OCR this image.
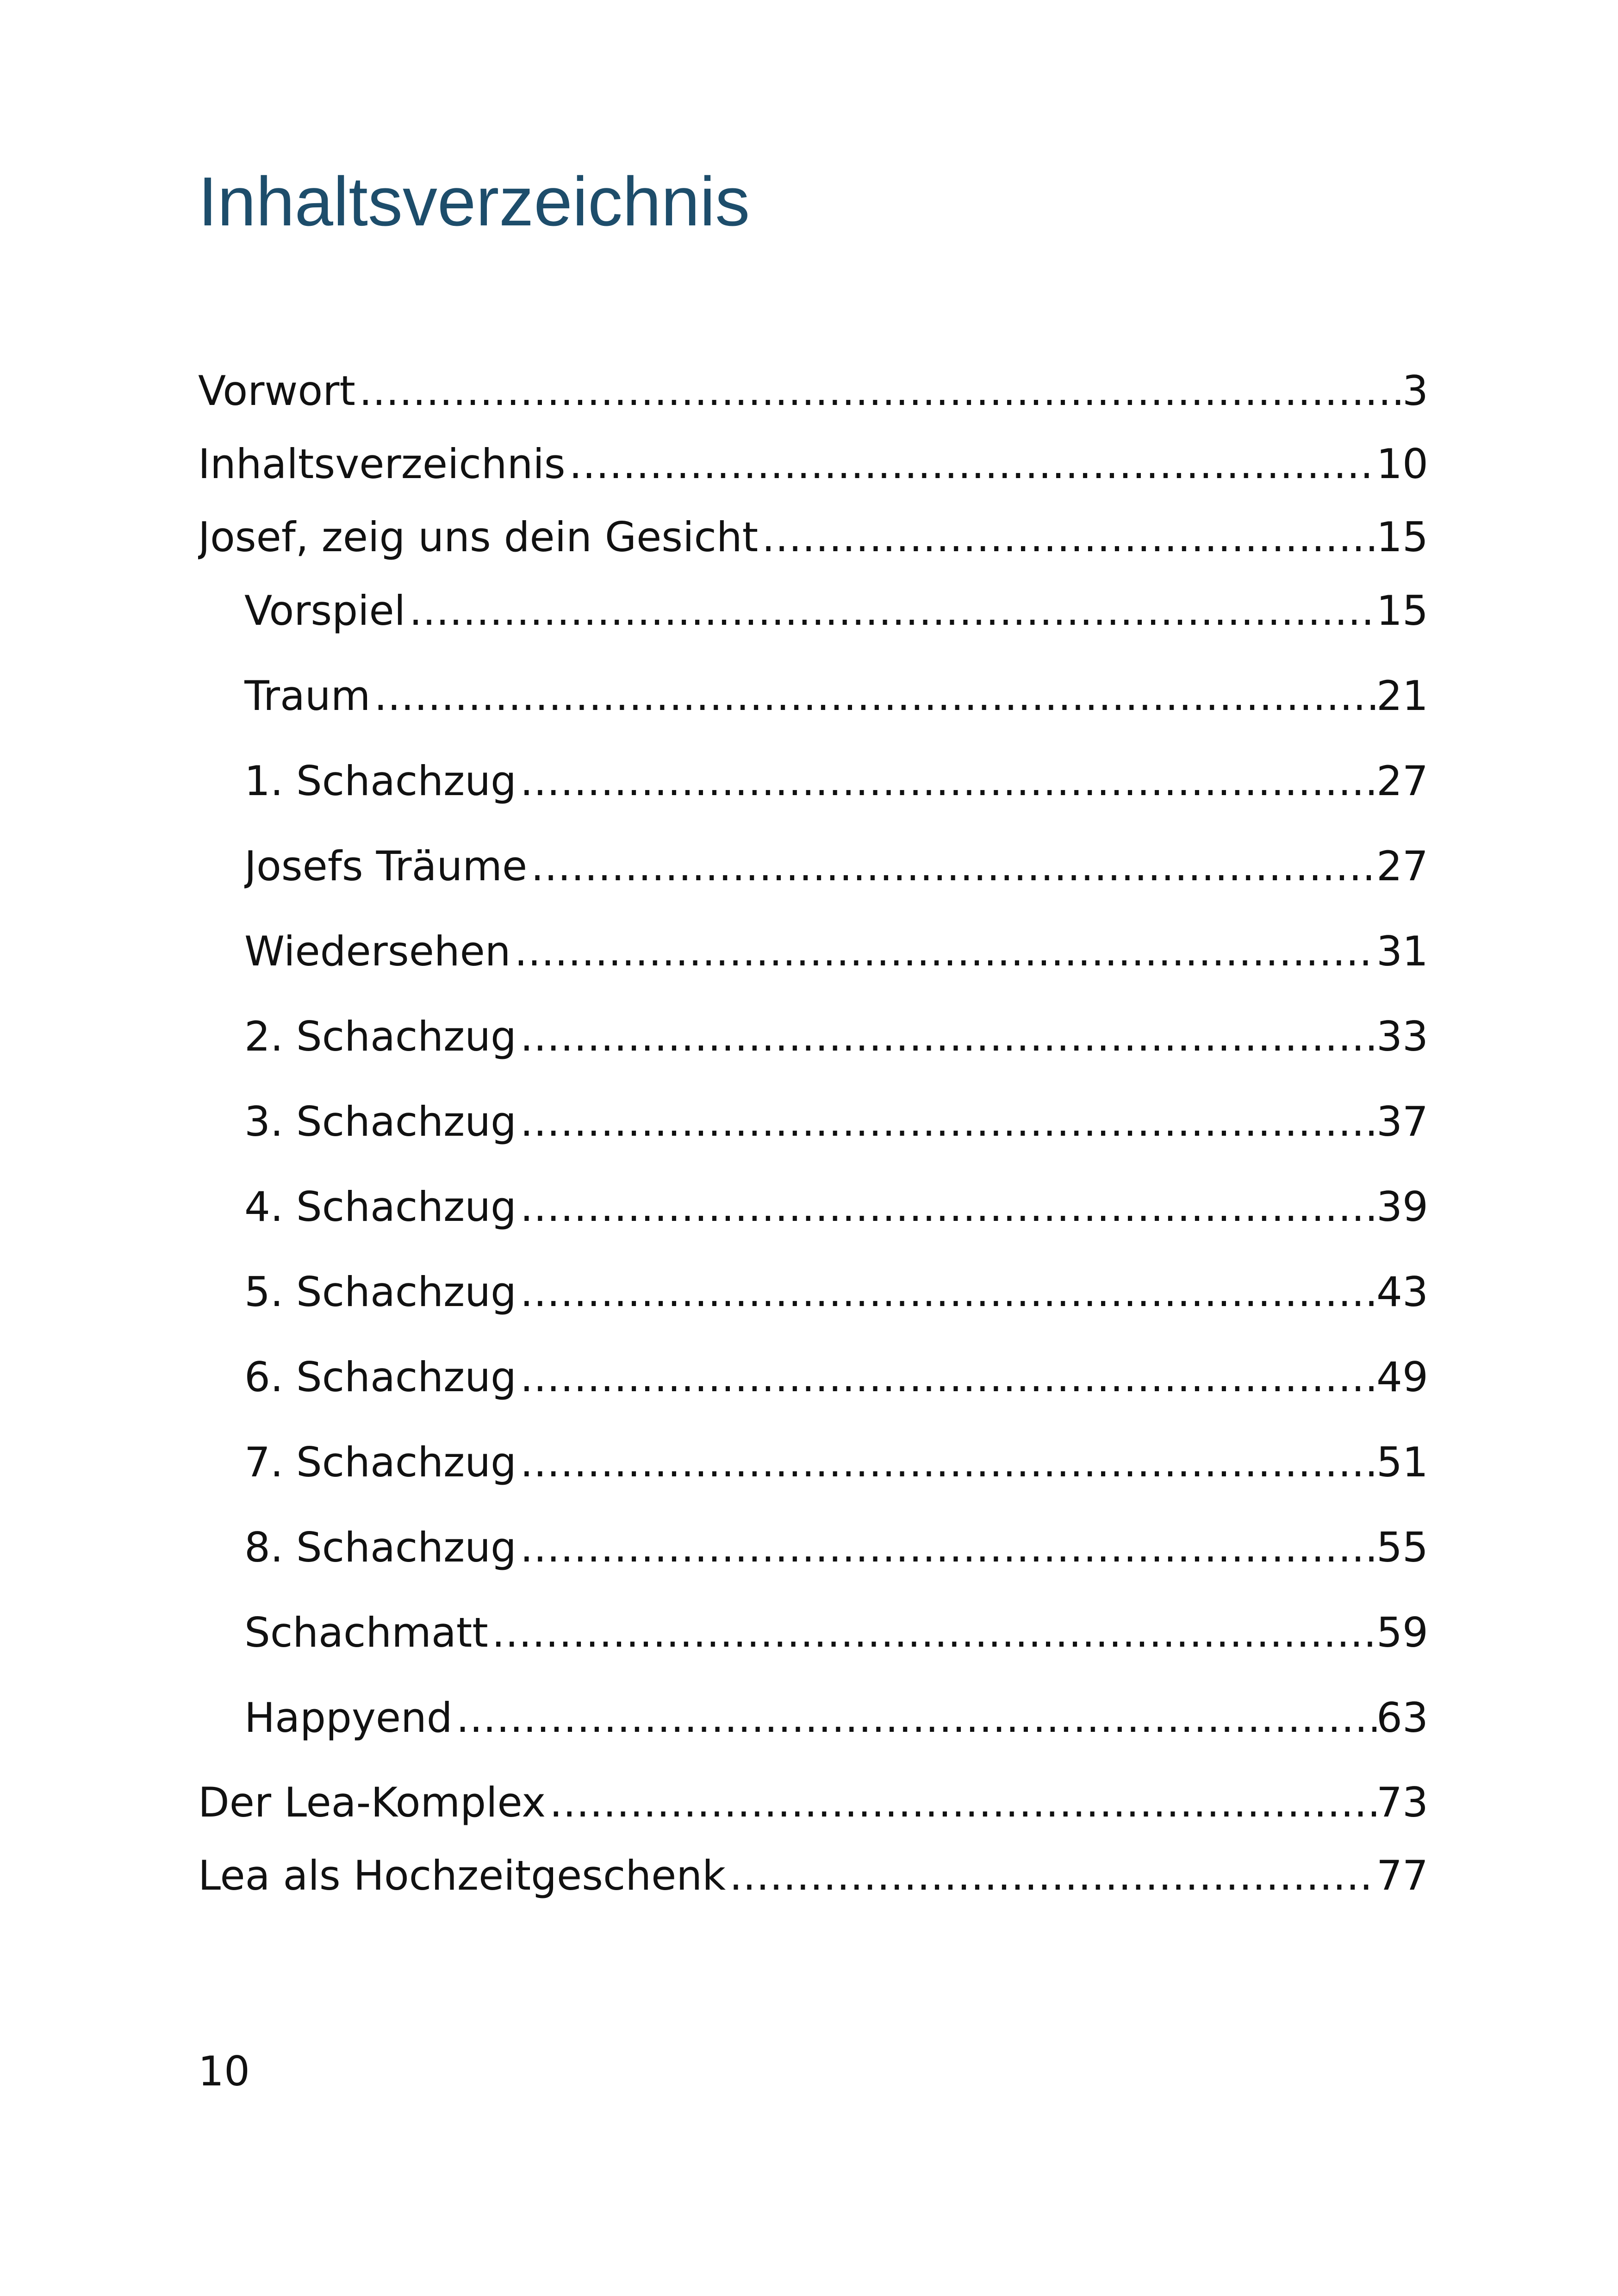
Inhaltsverzeichnis
Vorwort .....	3
Inhaltsverzeichnis .....	10
Josef, zeig uns dein Gesicht .....	15
Vorspiel .....	15
Traum .....	21
1. Schachzug .....	27
Josefs Träume .....	27
Wiedersehen .....	31
2. Schachzug .....	33
3. Schachzug .....	37
4. Schachzug .....	39
5. Schachzug .....	43
6. Schachzug .....	49
7. Schachzug .....	51
8. Schachzug .....	55
Schachmatt .....	59
Happyend .....	63
Der Lea-Komplex .....	73
Lea als Hochzeitgeschenk .....	77
10
